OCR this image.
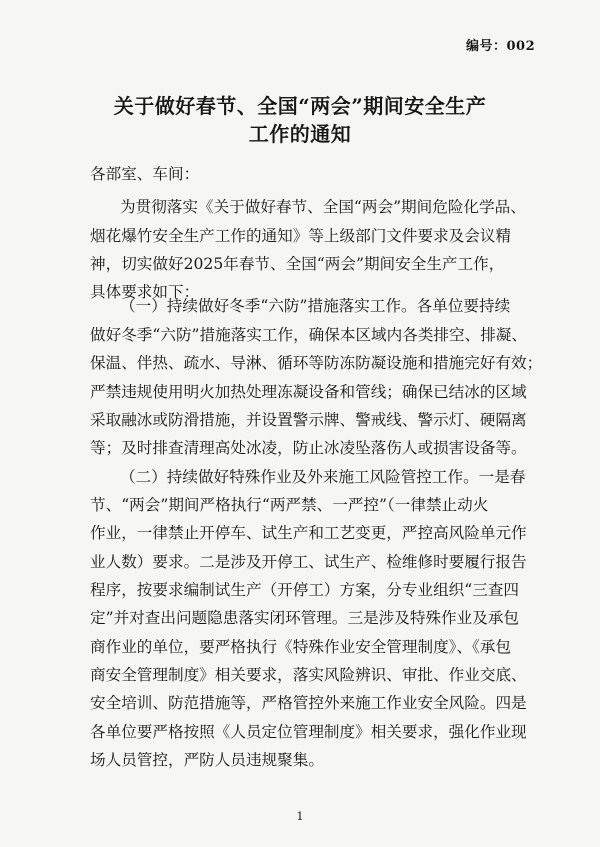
编号：002
关于做好春节、全国“两会”期间安全生产
工作的通知
各部室、车间：
为贯彻落实《关于做好春节、全国“两会”期间危险化学品、
烟花爆竹安全生产工作的通知》等上级部门文件要求及会议精
神，切实做好2025年春节、全国“两会”期间安全生产工作，
具体要求如下：
（一）持续做好冬季“六防”措施落实工作。各单位要持续
做好冬季“六防”措施落实工作，确保本区域内各类排空、排凝、
保温、伴热、疏水、导淋、循环等防冻防凝设施和措施完好有效；
严禁违规使用明火加热处理冻凝设备和管线；确保已结冰的区域
采取融冰或防滑措施，并设置警示牌、警戒线、警示灯、硬隔离
等；及时排查清理高处冰凌，防止冰凌坠落伤人或损害设备等。
（二）持续做好特殊作业及外来施工风险管控工作。一是春
节、“两会”期间严格执行“两严禁、一严控”（一律禁止动火
作业，一律禁止开停车、试生产和工艺变更，严控高风险单元作
业人数）要求。二是涉及开停工、试生产、检维修时要履行报告
程序，按要求编制试生产（开停工）方案，分专业组织“三查四
定”并对查出问题隐患落实闭环管理。三是涉及特殊作业及承包
商作业的单位，要严格执行《特殊作业安全管理制度》、《承包
商安全管理制度》相关要求，落实风险辨识、审批、作业交底、
安全培训、防范措施等，严格管控外来施工作业安全风险。四是
各单位要严格按照《人员定位管理制度》相关要求，强化作业现
场人员管控，严防人员违规聚集。
1
